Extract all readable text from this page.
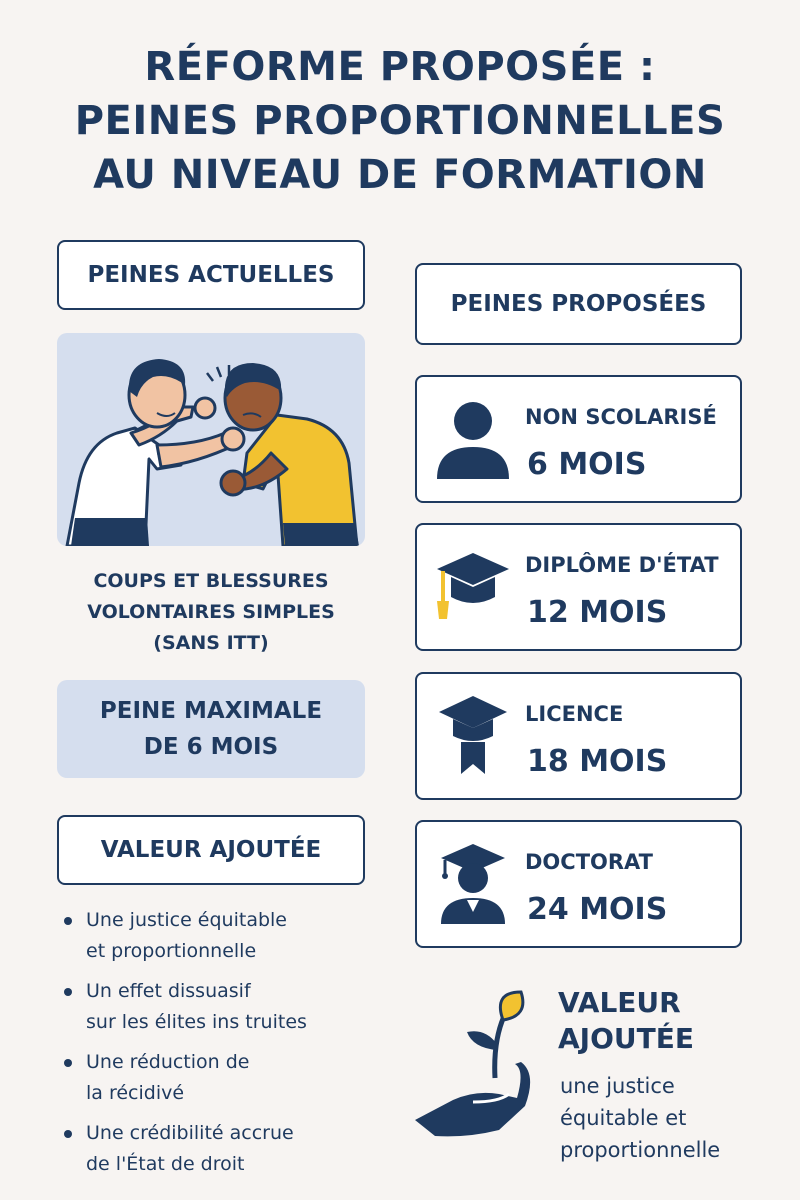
RÉFORME PROPOSÉE :
PEINES PROPORTIONNELLES
AU NIVEAU DE FORMATION
PEINES ACTUELLES
COUPS ET BLESSURES
VOLONTAIRES SIMPLES
(SANS ITT)
PEINE MAXIMALE
DE 6 MOIS
VALEUR AJOUTÉE
Une justice équitable
et proportionnelle
Un effet dissuasif
sur les élites ins truites
Une réduction de
la récidivé
Une crédibilité accrue
de l'État de droit
PEINES PROPOSÉES
NON SCOLARISÉ
6 MOIS
DIPLÔME D'ÉTAT
12 MOIS
LICENCE
18 MOIS
DOCTORAT
24 MOIS
VALEUR
AJOUTÉE
une justice
équitable et
proportionnelle
